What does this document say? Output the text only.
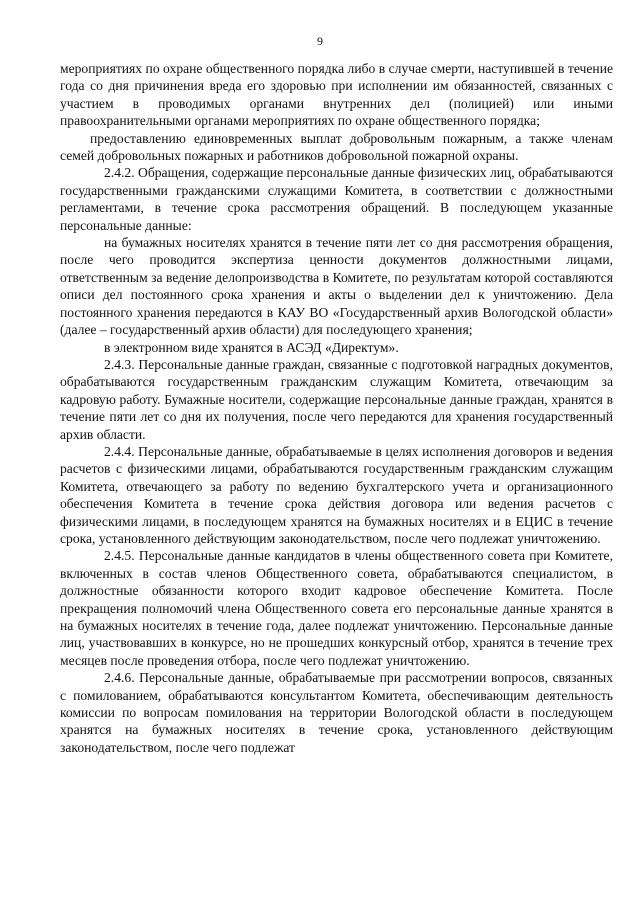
9

мероприятиях по охране общественного порядка либо в случае смерти, наступившей в течение года со дня причинения вреда его здоровью при исполнении им обязанностей, связанных с участием в проводимых органами внутренних дел (полицией) или иными правоохранительными органами мероприятиях по охране общественного порядка;

предоставлению единовременных выплат добровольным пожарным, а также членам семей добровольных пожарных и работников добровольной пожарной охраны.

2.4.2. Обращения, содержащие персональные данные физических лиц, обрабатываются государственными гражданскими служащими Комитета, в соответствии с должностными регламентами, в течение срока рассмотрения обращений. В последующем указанные персональные данные:

на бумажных носителях хранятся в течение пяти лет со дня рассмотрения обращения, после чего проводится экспертиза ценности документов должностными лицами, ответственным за ведение делопроизводства в Комитете, по результатам которой составляются описи дел постоянного срока хранения и акты о выделении дел к уничтожению. Дела постоянного хранения передаются в КАУ ВО «Государственный архив Вологодской области» (далее – государственный архив области) для последующего хранения;

в электронном виде хранятся в АСЭД «Директум».

2.4.3. Персональные данные граждан, связанные с подготовкой наградных документов, обрабатываются государственным гражданским служащим Комитета, отвечающим за кадровую работу. Бумажные носители, содержащие персональные данные граждан, хранятся в течение пяти лет со дня их получения, после чего передаются для хранения государственный архив области.

2.4.4. Персональные данные, обрабатываемые в целях исполнения договоров и ведения расчетов с физическими лицами, обрабатываются государственным гражданским служащим Комитета, отвечающего за работу по ведению бухгалтерского учета и организационного обеспечения Комитета в течение срока действия договора или ведения расчетов с физическими лицами, в последующем хранятся на бумажных носителях и в ЕЦИС в течение срока, установленного действующим законодательством, после чего подлежат уничтожению.

2.4.5. Персональные данные кандидатов в члены общественного совета при Комитете, включенных в состав членов Общественного совета, обрабатываются специалистом, в должностные обязанности которого входит кадровое обеспечение Комитета. После прекращения полномочий члена Общественного совета его персональные данные хранятся в на бумажных носителях в течение года, далее подлежат уничтожению. Персональные данные лиц, участвовавших в конкурсе, но не прошедших конкурсный отбор, хранятся в течение трех месяцев после проведения отбора, после чего подлежат уничтожению.

2.4.6. Персональные данные, обрабатываемые при рассмотрении вопросов, связанных с помилованием, обрабатываются консультантом Комитета, обеспечивающим деятельность комиссии по вопросам помилования на территории Вологодской области в последующем хранятся на бумажных носителях в течение срока, установленного действующим законодательством, после чего подлежат
